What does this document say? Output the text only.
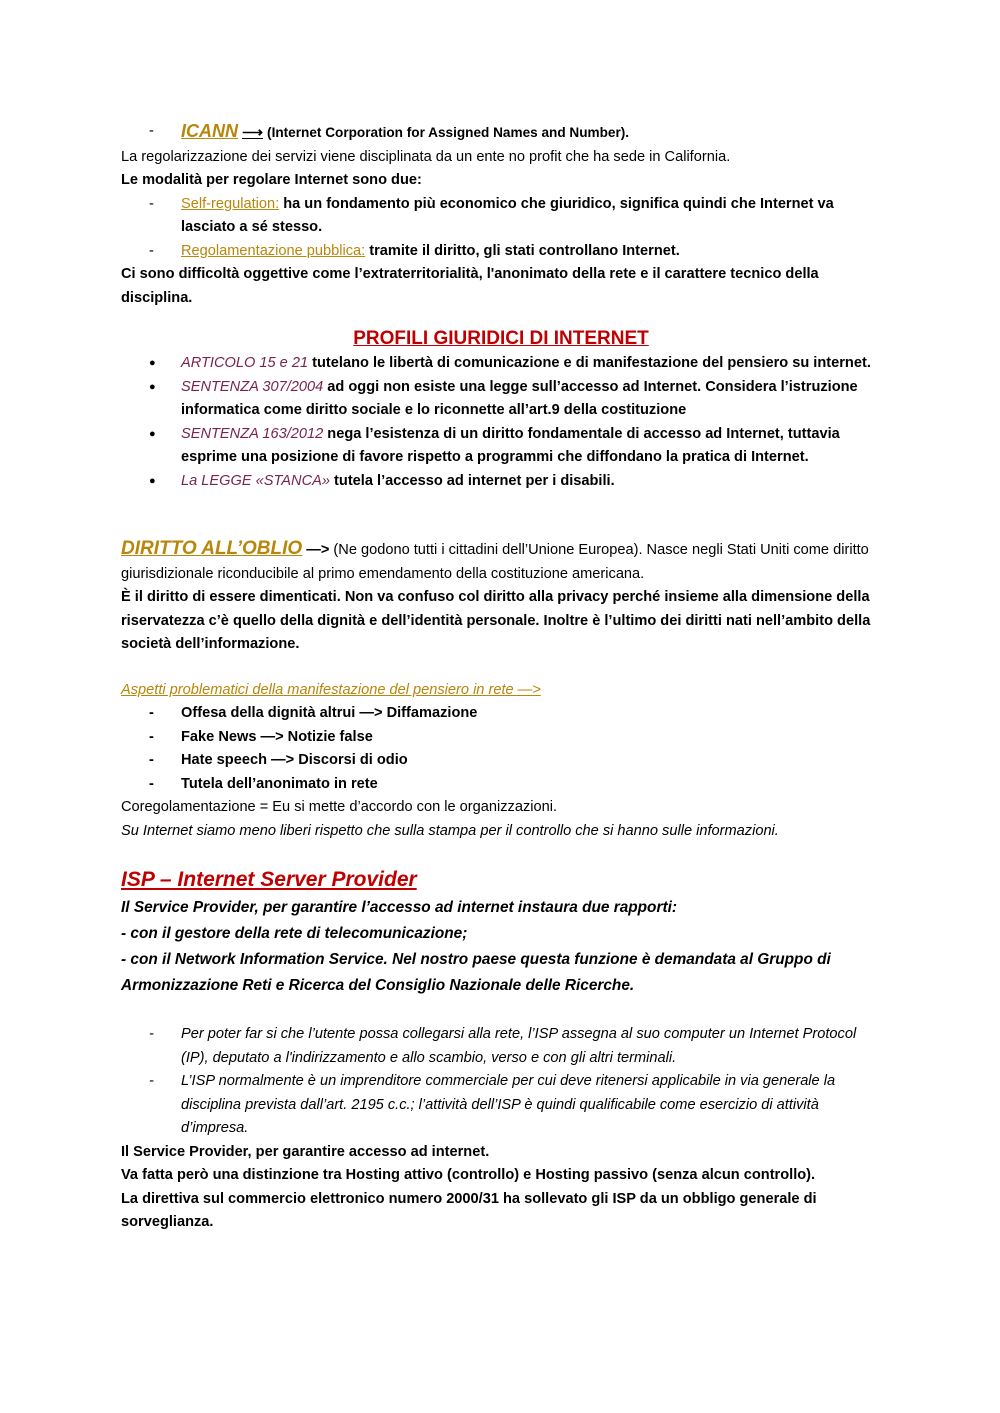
- ICANN ⟶ (Internet Corporation for Assigned Names and Number).

La regolarizzazione dei servizi viene disciplinata da un ente no profit che ha sede in California.

Le modalità per regolare Internet sono due:

- Self-regulation: ha un fondamento più economico che giuridico, significa quindi che Internet va lasciato a sé stesso.
- Regolamentazione pubblica: tramite il diritto, gli stati controllano Internet.

Ci sono difficoltà oggettive come l’extraterritorialità, l'anonimato della rete e il carattere tecnico della disciplina.

PROFILI GIURIDICI DI INTERNET
● ARTICOLO 15 e 21 tutelano le libertà di comunicazione e di manifestazione del pensiero su internet.
● SENTENZA 307/2004 ad oggi non esiste una legge sull’accesso ad Internet. Considera l’istruzione informatica come diritto sociale e lo riconnette all’art.9 della costituzione
● SENTENZA 163/2012 nega l’esistenza di un diritto fondamentale di accesso ad Internet, tuttavia esprime una posizione di favore rispetto a programmi che diffondano la pratica di Internet.
● La LEGGE «STANCA» tutela l’accesso ad internet per i disabili.

DIRITTO ALL’OBLIO —> (Ne godono tutti i cittadini dell’Unione Europea). Nasce negli Stati Uniti come diritto giurisdizionale riconducibile al primo emendamento della costituzione americana.

È il diritto di essere dimenticati. Non va confuso col diritto alla privacy perché insieme alla dimensione della riservatezza c’è quello della dignità e dell’identità personale. Inoltre è l’ultimo dei diritti nati nell’ambito della società dell’informazione.

Aspetti problematici della manifestazione del pensiero in rete —>

- Offesa della dignità altrui —> Diffamazione
- Fake News —> Notizie false
- Hate speech —> Discorsi di odio
- Tutela dell’anonimato in rete

Coregolamentazione = Eu si mette d’accordo con le organizzazioni.

Su Internet siamo meno liberi rispetto che sulla stampa per il controllo che si hanno sulle informazioni.

ISP – Internet Server Provider

Il Service Provider, per garantire l’accesso ad internet instaura due rapporti:

- con il gestore della rete di telecomunicazione;

- con il Network Information Service. Nel nostro paese questa funzione è demandata al Gruppo di Armonizzazione Reti e Ricerca del Consiglio Nazionale delle Ricerche.

- Per poter far si che l’utente possa collegarsi alla rete, l’ISP assegna al suo computer un Internet Protocol (IP), deputato a l'indirizzamento e allo scambio, verso e con gli altri terminali.
- L’ISP normalmente è un imprenditore commerciale per cui deve ritenersi applicabile in via generale la disciplina prevista dall’art. 2195 c.c.; l’attività dell’ISP è quindi qualificabile come esercizio di attività d’impresa.

Il Service Provider, per garantire accesso ad internet.

Va fatta però una distinzione tra Hosting attivo (controllo) e Hosting passivo (senza alcun controllo).

La direttiva sul commercio elettronico numero 2000/31 ha sollevato gli ISP da un obbligo generale di sorveglianza.
